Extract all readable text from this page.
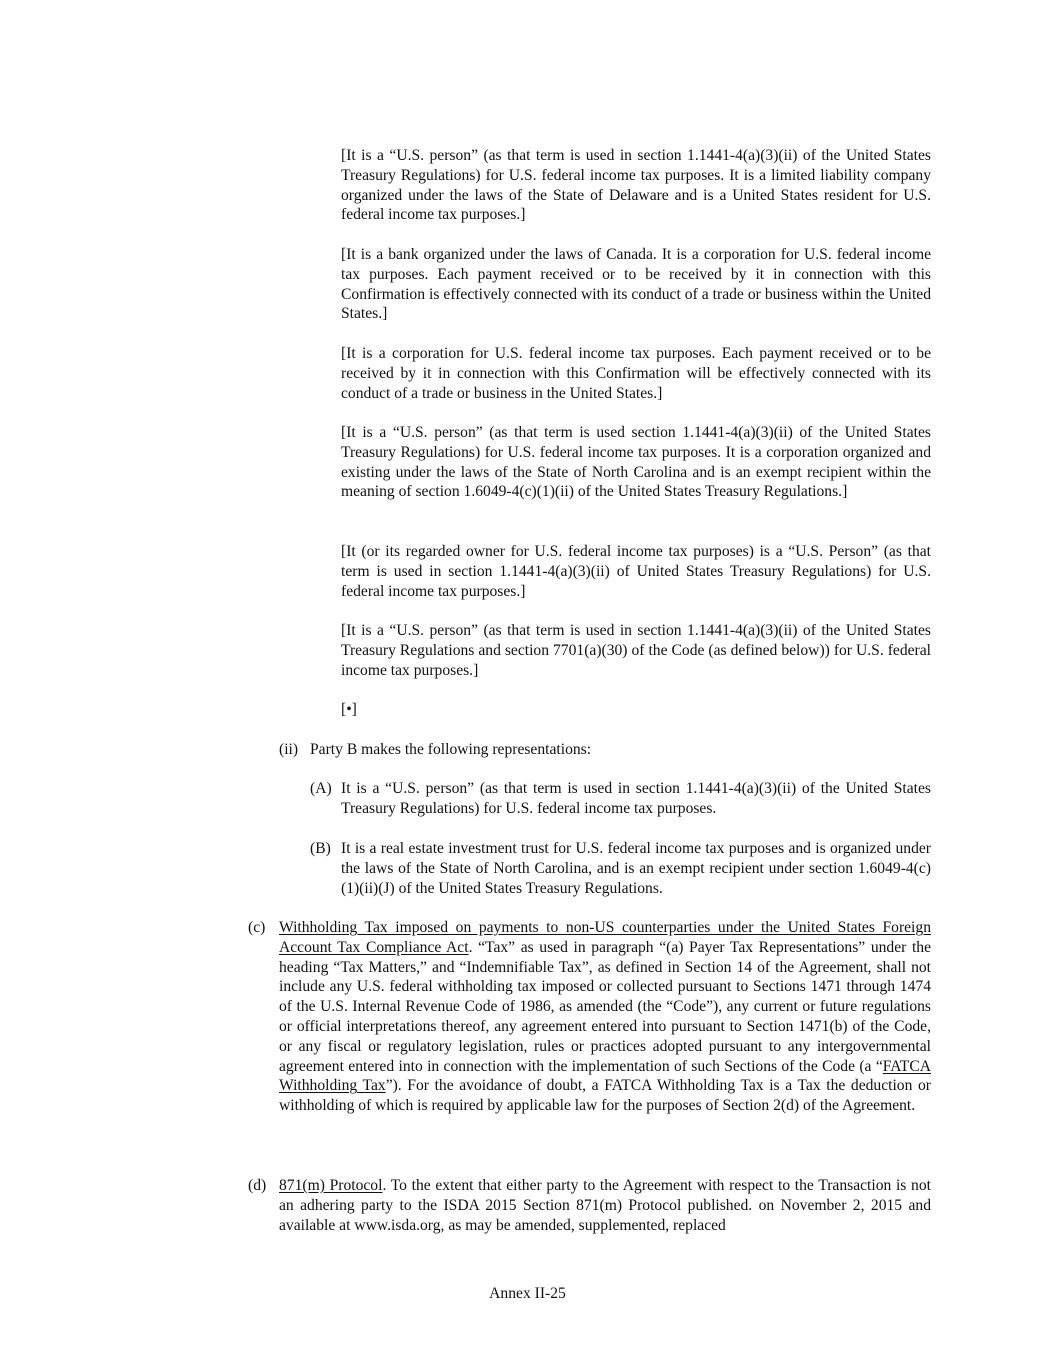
[It is a “U.S. person” (as that term is used in section 1.1441-4(a)(3)(ii) of the United States Treasury Regulations) for U.S. federal income tax purposes. It is a limited liability company organized under the laws of the State of Delaware and is a United States resident for U.S. federal income tax purposes.]

[It is a bank organized under the laws of Canada. It is a corporation for U.S. federal income tax purposes. Each payment received or to be received by it in connection with this Confirmation is effectively connected with its conduct of a trade or business within the United States.]

[It is a corporation for U.S. federal income tax purposes. Each payment received or to be received by it in connection with this Confirmation will be effectively connected with its conduct of a trade or business in the United States.]

[It is a “U.S. person” (as that term is used section 1.1441-4(a)(3)(ii) of the United States Treasury Regulations) for U.S. federal income tax purposes. It is a corporation organized and existing under the laws of the State of North Carolina and is an exempt recipient within the meaning of section 1.6049-4(c)(1)(ii) of the United States Treasury Regulations.]

[It (or its regarded owner for U.S. federal income tax purposes) is a “U.S. Person” (as that term is used in section 1.1441-4(a)(3)(ii) of United States Treasury Regulations) for U.S. federal income tax purposes.]

[It is a “U.S. person” (as that term is used in section 1.1441-4(a)(3)(ii) of the United States Treasury Regulations and section 7701(a)(30) of the Code (as defined below)) for U.S. federal income tax purposes.]

[•]

(ii) Party B makes the following representations:

(A) It is a “U.S. person” (as that term is used in section 1.1441-4(a)(3)(ii) of the United States Treasury Regulations) for U.S. federal income tax purposes.

(B) It is a real estate investment trust for U.S. federal income tax purposes and is organized under the laws of the State of North Carolina, and is an exempt recipient under section 1.6049-4(c)(1)(ii)(J) of the United States Treasury Regulations.

(c) Withholding Tax imposed on payments to non-US counterparties under the United States Foreign Account Tax Compliance Act. “Tax” as used in paragraph “(a) Payer Tax Representations” under the heading “Tax Matters,” and “Indemnifiable Tax”, as defined in Section 14 of the Agreement, shall not include any U.S. federal withholding tax imposed or collected pursuant to Sections 1471 through 1474 of the U.S. Internal Revenue Code of 1986, as amended (the “Code”), any current or future regulations or official interpretations thereof, any agreement entered into pursuant to Section 1471(b) of the Code, or any fiscal or regulatory legislation, rules or practices adopted pursuant to any intergovernmental agreement entered into in connection with the implementation of such Sections of the Code (a “FATCA Withholding Tax”). For the avoidance of doubt, a FATCA Withholding Tax is a Tax the deduction or withholding of which is required by applicable law for the purposes of Section 2(d) of the Agreement.

(d) 871(m) Protocol. To the extent that either party to the Agreement with respect to the Transaction is not an adhering party to the ISDA 2015 Section 871(m) Protocol published. on November 2, 2015 and available at www.isda.org, as may be amended, supplemented, replaced

Annex II-25
